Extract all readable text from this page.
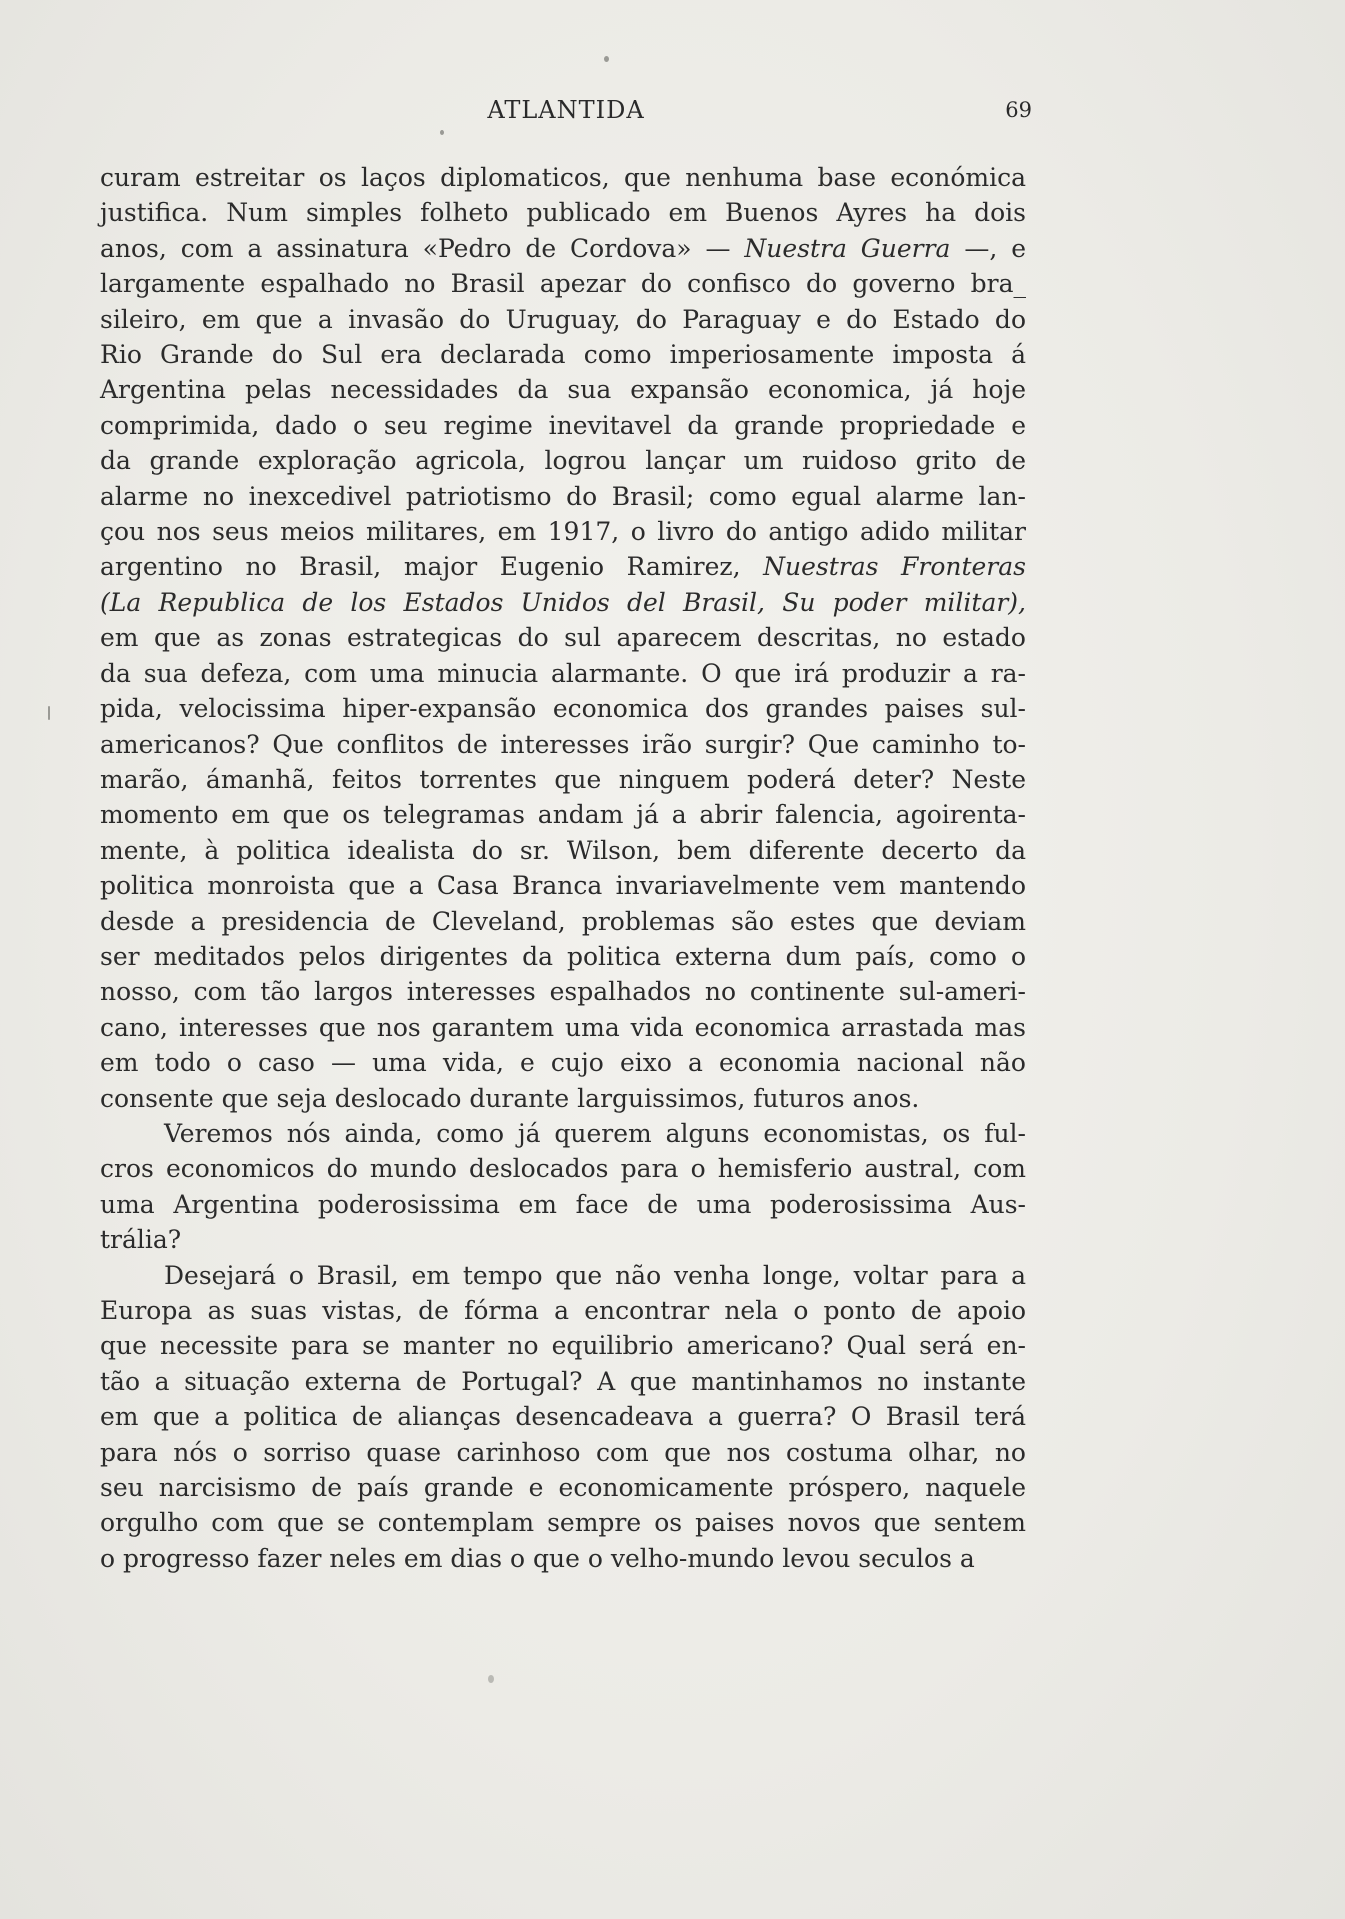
ATLANTIDA	69

curam estreitar os laços diplomaticos, que nenhuma base económica
justifica. Num simples folheto publicado em Buenos Ayres ha dois
anos, com a assinatura «Pedro de Cordova» — Nuestra Guerra —, e
largamente espalhado no Brasil apezar do confisco do governo bra_
sileiro, em que a invasão do Uruguay, do Paraguay e do Estado do
Rio Grande do Sul era declarada como imperiosamente imposta á
Argentina pelas necessidades da sua expansão economica, já hoje
comprimida, dado o seu regime inevitavel da grande propriedade e
da grande exploração agricola, logrou lançar um ruidoso grito de
alarme no inexcedivel patriotismo do Brasil; como egual alarme lan-
çou nos seus meios militares, em 1917, o livro do antigo adido militar
argentino no Brasil, major Eugenio Ramirez, Nuestras Fronteras
(La Republica de los Estados Unidos del Brasil, Su poder militar),
em que as zonas estrategicas do sul aparecem descritas, no estado
da sua defeza, com uma minucia alarmante. O que irá produzir a ra-
pida, velocissima hiper-expansão economica dos grandes paises sul-
americanos? Que conflitos de interesses irão surgir? Que caminho to-
marão, ámanhã, feitos torrentes que ninguem poderá deter? Neste
momento em que os telegramas andam já a abrir falencia, agoirenta-
mente, à politica idealista do sr. Wilson, bem diferente decerto da
politica monroista que a Casa Branca invariavelmente vem mantendo
desde a presidencia de Cleveland, problemas são estes que deviam
ser meditados pelos dirigentes da politica externa dum país, como o
nosso, com tão largos interesses espalhados no continente sul-ameri-
cano, interesses que nos garantem uma vida economica arrastada mas
em todo o caso — uma vida, e cujo eixo a economia nacional não
consente que seja deslocado durante larguissimos, futuros anos.

Veremos nós ainda, como já querem alguns economistas, os ful-
cros economicos do mundo deslocados para o hemisferio austral, com
uma Argentina poderosissima em face de uma poderosissima Aus-
trália?

Desejará o Brasil, em tempo que não venha longe, voltar para a
Europa as suas vistas, de fórma a encontrar nela o ponto de apoio
que necessite para se manter no equilibrio americano? Qual será en-
tão a situação externa de Portugal? A que mantinhamos no instante
em que a politica de alianças desencadeava a guerra? O Brasil terá
para nós o sorriso quase carinhoso com que nos costuma olhar, no
seu narcisismo de país grande e economicamente próspero, naquele
orgulho com que se contemplam sempre os paises novos que sentem
o progresso fazer neles em dias o que o velho-mundo levou seculos a
